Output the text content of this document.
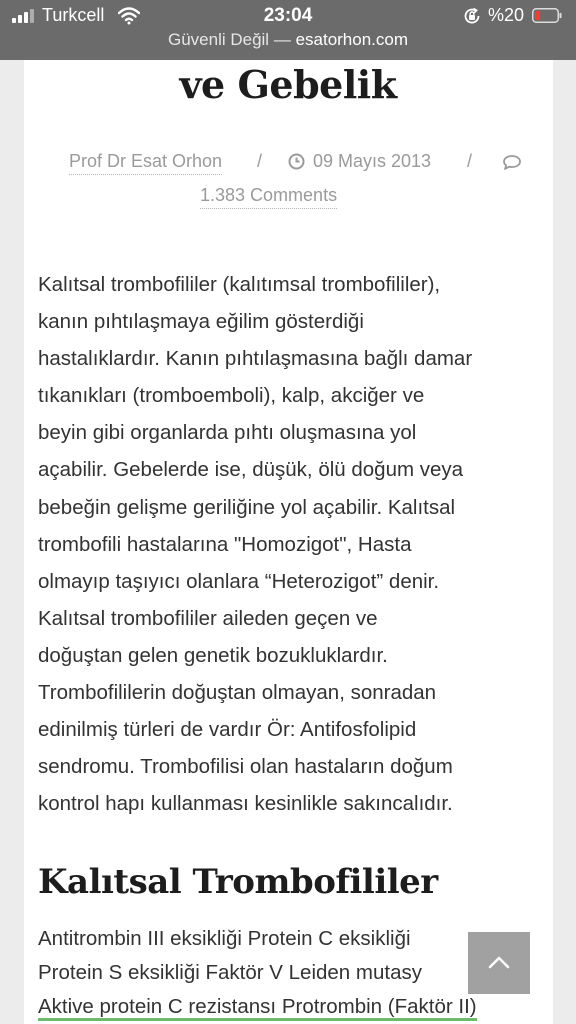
ve Gebelik
Prof Dr Esat Orhon /	09 Mayıs 2013 /
1.383 Comments
Kalıtsal trombofililer (kalıtımsal trombofililer),
kanın pıhtılaşmaya eğilim gösterdiği
hastalıklardır. Kanın pıhtılaşmasına bağlı damar
tıkanıkları (tromboemboli), kalp, akciğer ve
beyin gibi organlarda pıhtı oluşmasına yol
açabilir. Gebelerde ise, düşük, ölü doğum veya
bebeğin gelişme geriliğine yol açabilir. Kalıtsal
trombofili hastalarına "Homozigot", Hasta
olmayıp taşıyıcı olanlara “Heterozigot” denir.
Kalıtsal trombofililer aileden geçen ve
doğuştan gelen genetik bozukluklardır.
Trombofililerin doğuştan olmayan, sonradan
edinilmiş türleri de vardır Ör: Antifosfolipid
sendromu. Trombofilisi olan hastaların doğum
kontrol hapı kullanması kesinlikle sakıncalıdır.
Kalıtsal Trombofililer
Antitrombin III eksikliği Protein C eksikliği
Protein S eksikliği Faktör V Leiden mutasy
Aktive protein C rezistansı Protrombin (Faktör II)
Turkcell	23:04	%20
Güvenli Değil — esatorhon.com
